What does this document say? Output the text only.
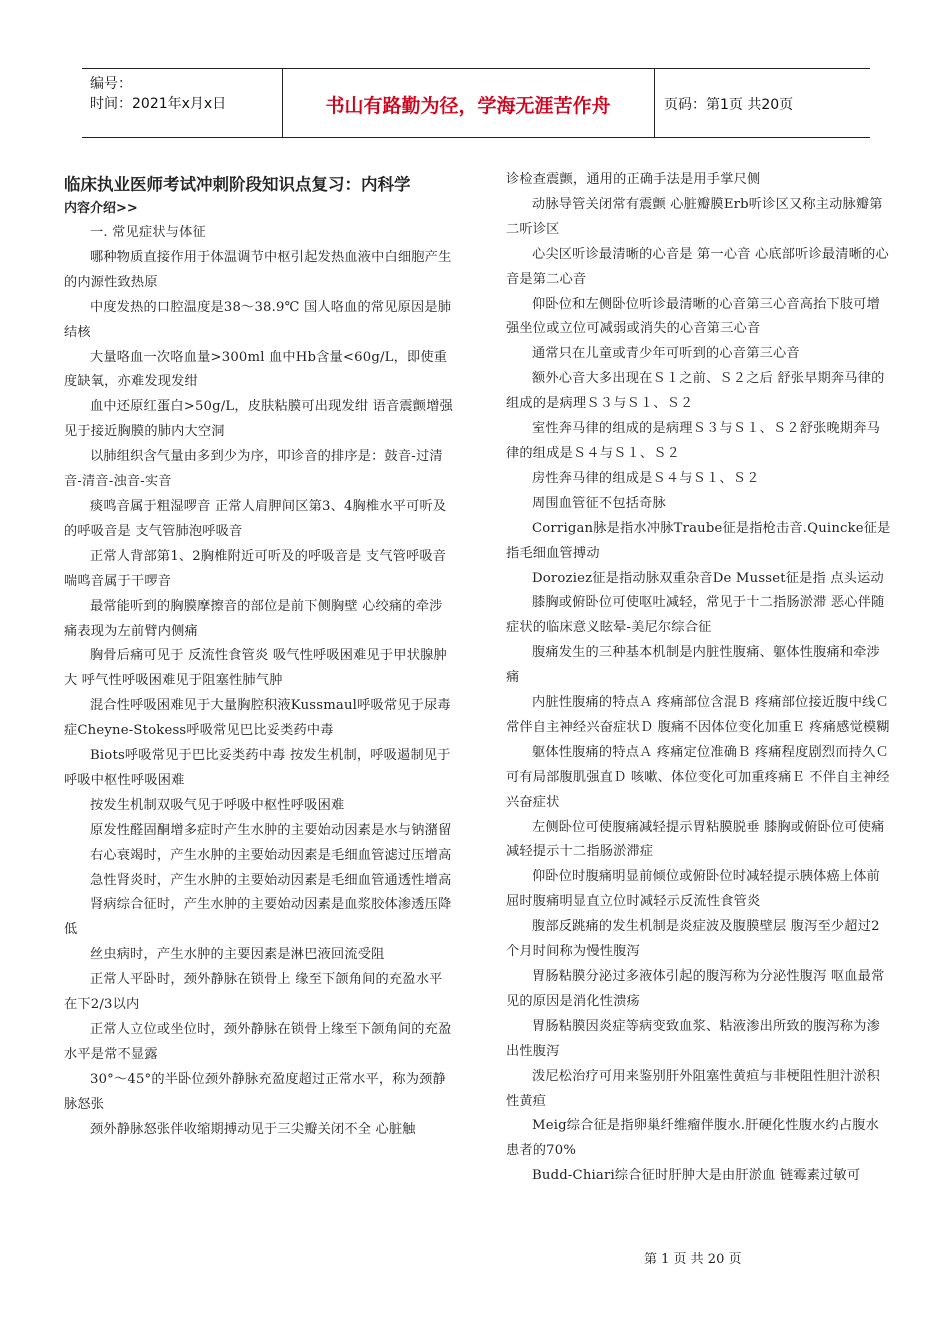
编号：
时间：2021年x月x日	书山有路勤为径，学海无涯苦作舟	页码：第1页 共20页
临床执业医师考试冲刺阶段知识点复习：内科学
内容介绍>>

一. 常见症状与体征

哪种物质直接作用于体温调节中枢引起发热血液中白细胞产生的内源性致热原

中度发热的口腔温度是38～38.9℃ 国人咯血的常见原因是肺结核

大量咯血一次咯血量>300ml 血中Hb含量<60g/L，即使重度缺氧，亦难发现发绀

血中还原红蛋白>50g/L，皮肤粘膜可出现发绀 语音震颤增强见于接近胸膜的肺内大空洞

以肺组织含气量由多到少为序，叩诊音的排序是：鼓音-过清音-清音-浊音-实音

痰鸣音属于粗湿啰音 正常人肩胛间区第3、4胸椎水平可听及的呼吸音是 支气管肺泡呼吸音

正常人背部第1、2胸椎附近可听及的呼吸音是 支气管呼吸音 喘鸣音属于干啰音

最常能听到的胸膜摩擦音的部位是前下侧胸壁 心绞痛的牵涉痛表现为左前臂内侧痛

胸骨后痛可见于 反流性食管炎 吸气性呼吸困难见于甲状腺肿大 呼气性呼吸困难见于阻塞性肺气肿

混合性呼吸困难见于大量胸腔积液Kussmaul呼吸常见于尿毒症Cheyne-Stokess呼吸常见巴比妥类药中毒

Biots呼吸常见于巴比妥类药中毒 按发生机制，呼吸遏制见于呼吸中枢性呼吸困难

按发生机制双吸气见于呼吸中枢性呼吸困难

原发性醛固酮增多症时产生水肿的主要始动因素是水与钠潴留

右心衰竭时，产生水肿的主要始动因素是毛细血管滤过压增高

急性肾炎时，产生水肿的主要始动因素是毛细血管通透性增高

肾病综合征时，产生水肿的主要始动因素是血浆胶体渗透压降低

丝虫病时，产生水肿的主要因素是淋巴液回流受阻

正常人平卧时，颈外静脉在锁骨上 缘至下颌角间的充盈水平在下2/3以内

正常人立位或坐位时，颈外静脉在锁骨上缘至下颌角间的充盈水平是常不显露

30°～45°的半卧位颈外静脉充盈度超过正常水平，称为颈静脉怒张

颈外静脉怒张伴收缩期搏动见于三尖瓣关闭不全 心脏触

诊检查震颤，通用的正确手法是用手掌尺侧

动脉导管关闭常有震颤 心脏瓣膜Erb听诊区又称主动脉瓣第二听诊区

心尖区听诊最清晰的心音是 第一心音 心底部听诊最清晰的心音是第二心音

仰卧位和左侧卧位听诊最清晰的心音第三心音高抬下肢可增强坐位或立位可减弱或消失的心音第三心音

通常只在儿童或青少年可听到的心音第三心音

额外心音大多出现在Ｓ１之前、Ｓ２之后 舒张早期奔马律的组成的是病理Ｓ３与Ｓ１、Ｓ２

室性奔马律的组成的是病理Ｓ３与Ｓ１、Ｓ２舒张晚期奔马律的组成是Ｓ４与Ｓ１、Ｓ２

房性奔马律的组成是Ｓ４与Ｓ１、Ｓ２

周围血管征不包括奇脉

Corrigan脉是指水冲脉Traube征是指枪击音.Quincke征是指毛细血管搏动

Doroziez征是指动脉双重杂音De Musset征是指 点头运动

膝胸或俯卧位可使呕吐减轻，常见于十二指肠淤滞 恶心伴随症状的临床意义眩晕-美尼尔综合征

腹痛发生的三种基本机制是内脏性腹痛、躯体性腹痛和牵涉痛

内脏性腹痛的特点Ａ 疼痛部位含混Ｂ 疼痛部位接近腹中线Ｃ 常伴自主神经兴奋症状Ｄ 腹痛不因体位变化加重Ｅ 疼痛感觉模糊

躯体性腹痛的特点Ａ 疼痛定位准确Ｂ 疼痛程度剧烈而持久Ｃ 可有局部腹肌强直Ｄ 咳嗽、体位变化可加重疼痛Ｅ 不伴自主神经兴奋症状

左侧卧位可使腹痛减轻提示胃粘膜脱垂 膝胸或俯卧位可使痛减轻提示十二指肠淤滞症

仰卧位时腹痛明显前倾位或俯卧位时减轻提示胰体癌上体前屈时腹痛明显直立位时减轻示反流性食管炎

腹部反跳痛的发生机制是炎症波及腹膜壁层 腹泻至少超过2个月时间称为慢性腹泻

胃肠粘膜分泌过多液体引起的腹泻称为分泌性腹泻 呕血最常见的原因是消化性溃疡

胃肠粘膜因炎症等病变致血浆、粘液渗出所致的腹泻称为渗出性腹泻

泼尼松治疗可用来鉴别肝外阻塞性黄疸与非梗阻性胆汁淤积性黄疸

Meig综合征是指卵巢纤维瘤伴腹水.肝硬化性腹水约占腹水患者的70%

Budd-Chiari综合征时肝肿大是由肝淤血 链霉素过敏可

第 1 页 共 20 页
